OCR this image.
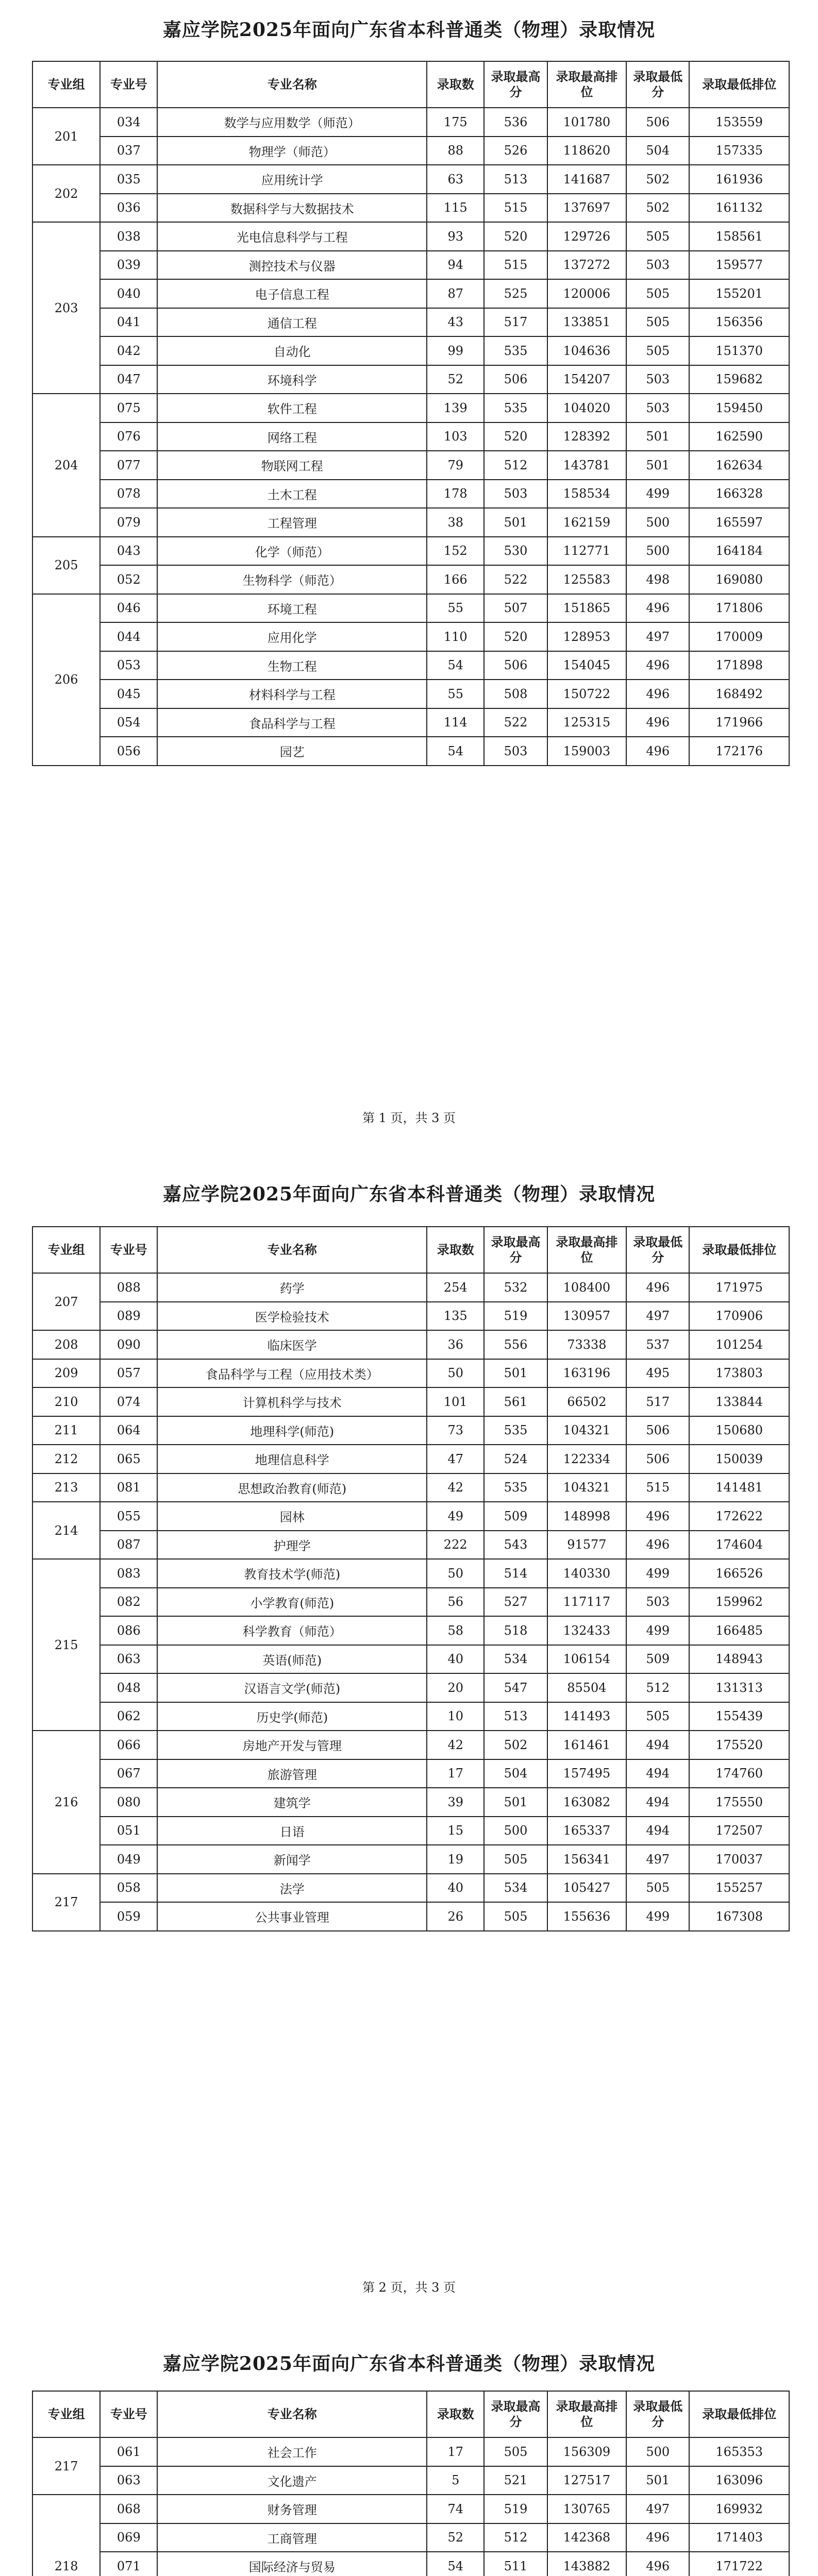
嘉应学院2025年面向广东省本科普通类（物理）录取情况
专业组	专业号	专业名称	录取数	录取最高分	录取最高排位	录取最低分	录取最低排位
201	034	数学与应用数学（师范）	175	536	101780	506	153559
	037	物理学（师范）	88	526	118620	504	157335
202	035	应用统计学	63	513	141687	502	161936
	036	数据科学与大数据技术	115	515	137697	502	161132
203	038	光电信息科学与工程	93	520	129726	505	158561
	039	测控技术与仪器	94	515	137272	503	159577
	040	电子信息工程	87	525	120006	505	155201
	041	通信工程	43	517	133851	505	156356
	042	自动化	99	535	104636	505	151370
	047	环境科学	52	506	154207	503	159682
204	075	软件工程	139	535	104020	503	159450
	076	网络工程	103	520	128392	501	162590
	077	物联网工程	79	512	143781	501	162634
	078	土木工程	178	503	158534	499	166328
	079	工程管理	38	501	162159	500	165597
205	043	化学（师范）	152	530	112771	500	164184
	052	生物科学（师范）	166	522	125583	498	169080
206	046	环境工程	55	507	151865	496	171806
	044	应用化学	110	520	128953	497	170009
	053	生物工程	54	506	154045	496	171898
	045	材料科学与工程	55	508	150722	496	168492
	054	食品科学与工程	114	522	125315	496	171966
	056	园艺	54	503	159003	496	172176
第 1 页，共 3 页
嘉应学院2025年面向广东省本科普通类（物理）录取情况
专业组	专业号	专业名称	录取数	录取最高分	录取最高排位	录取最低分	录取最低排位
207	088	药学	254	532	108400	496	171975
	089	医学检验技术	135	519	130957	497	170906
208	090	临床医学	36	556	73338	537	101254
209	057	食品科学与工程（应用技术类）	50	501	163196	495	173803
210	074	计算机科学与技术	101	561	66502	517	133844
211	064	地理科学(师范)	73	535	104321	506	150680
212	065	地理信息科学	47	524	122334	506	150039
213	081	思想政治教育(师范)	42	535	104321	515	141481
214	055	园林	49	509	148998	496	172622
	087	护理学	222	543	91577	496	174604
215	083	教育技术学(师范)	50	514	140330	499	166526
	082	小学教育(师范)	56	527	117117	503	159962
	086	科学教育（师范）	58	518	132433	499	166485
	063	英语(师范)	40	534	106154	509	148943
	048	汉语言文学(师范)	20	547	85504	512	131313
	062	历史学(师范)	10	513	141493	505	155439
216	066	房地产开发与管理	42	502	161461	494	175520
	067	旅游管理	17	504	157495	494	174760
	080	建筑学	39	501	163082	494	175550
	051	日语	15	500	165337	494	172507
	049	新闻学	19	505	156341	497	170037
217	058	法学	40	534	105427	505	155257
	059	公共事业管理	26	505	155636	499	167308
第 2 页，共 3 页
嘉应学院2025年面向广东省本科普通类（物理）录取情况
专业组	专业号	专业名称	录取数	录取最高分	录取最高排位	录取最低分	录取最低排位
217	061	社会工作	17	505	156309	500	165353
	063	文化遗产	5	521	127517	501	163096
218	068	财务管理	74	519	130765	497	169932
	069	工商管理	52	512	142368	496	171403
	071	国际经济与贸易	54	511	143882	496	171722
